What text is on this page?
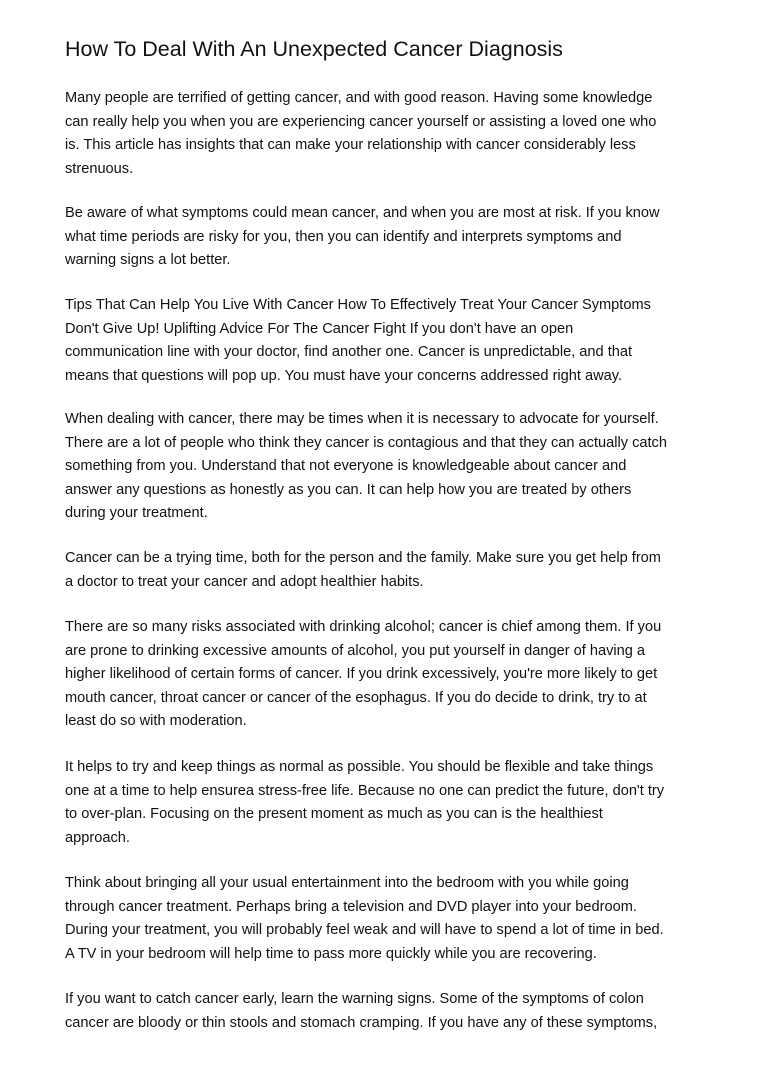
How To Deal With An Unexpected Cancer Diagnosis

Many people are terrified of getting cancer, and with good reason. Having some knowledge
can really help you when you are experiencing cancer yourself or assisting a loved one who
is. This article has insights that can make your relationship with cancer considerably less
strenuous.

Be aware of what symptoms could mean cancer, and when you are most at risk. If you know
what time periods are risky for you, then you can identify and interprets symptoms and
warning signs a lot better.

Tips That Can Help You Live With Cancer How To Effectively Treat Your Cancer Symptoms
Don't Give Up! Uplifting Advice For The Cancer Fight If you don't have an open
communication line with your doctor, find another one. Cancer is unpredictable, and that
means that questions will pop up. You must have your concerns addressed right away.

When dealing with cancer, there may be times when it is necessary to advocate for yourself.
There are a lot of people who think they cancer is contagious and that they can actually catch
something from you. Understand that not everyone is knowledgeable about cancer and
answer any questions as honestly as you can. It can help how you are treated by others
during your treatment.

Cancer can be a trying time, both for the person and the family. Make sure you get help from
a doctor to treat your cancer and adopt healthier habits.

There are so many risks associated with drinking alcohol; cancer is chief among them. If you
are prone to drinking excessive amounts of alcohol, you put yourself in danger of having a
higher likelihood of certain forms of cancer. If you drink excessively, you're more likely to get
mouth cancer, throat cancer or cancer of the esophagus. If you do decide to drink, try to at
least do so with moderation.

It helps to try and keep things as normal as possible. You should be flexible and take things
one at a time to help ensurea stress-free life. Because no one can predict the future, don't try
to over-plan. Focusing on the present moment as much as you can is the healthiest
approach.

Think about bringing all your usual entertainment into the bedroom with you while going
through cancer treatment. Perhaps bring a television and DVD player into your bedroom.
During your treatment, you will probably feel weak and will have to spend a lot of time in bed.
A TV in your bedroom will help time to pass more quickly while you are recovering.

If you want to catch cancer early, learn the warning signs. Some of the symptoms of colon
cancer are bloody or thin stools and stomach cramping. If you have any of these symptoms,
